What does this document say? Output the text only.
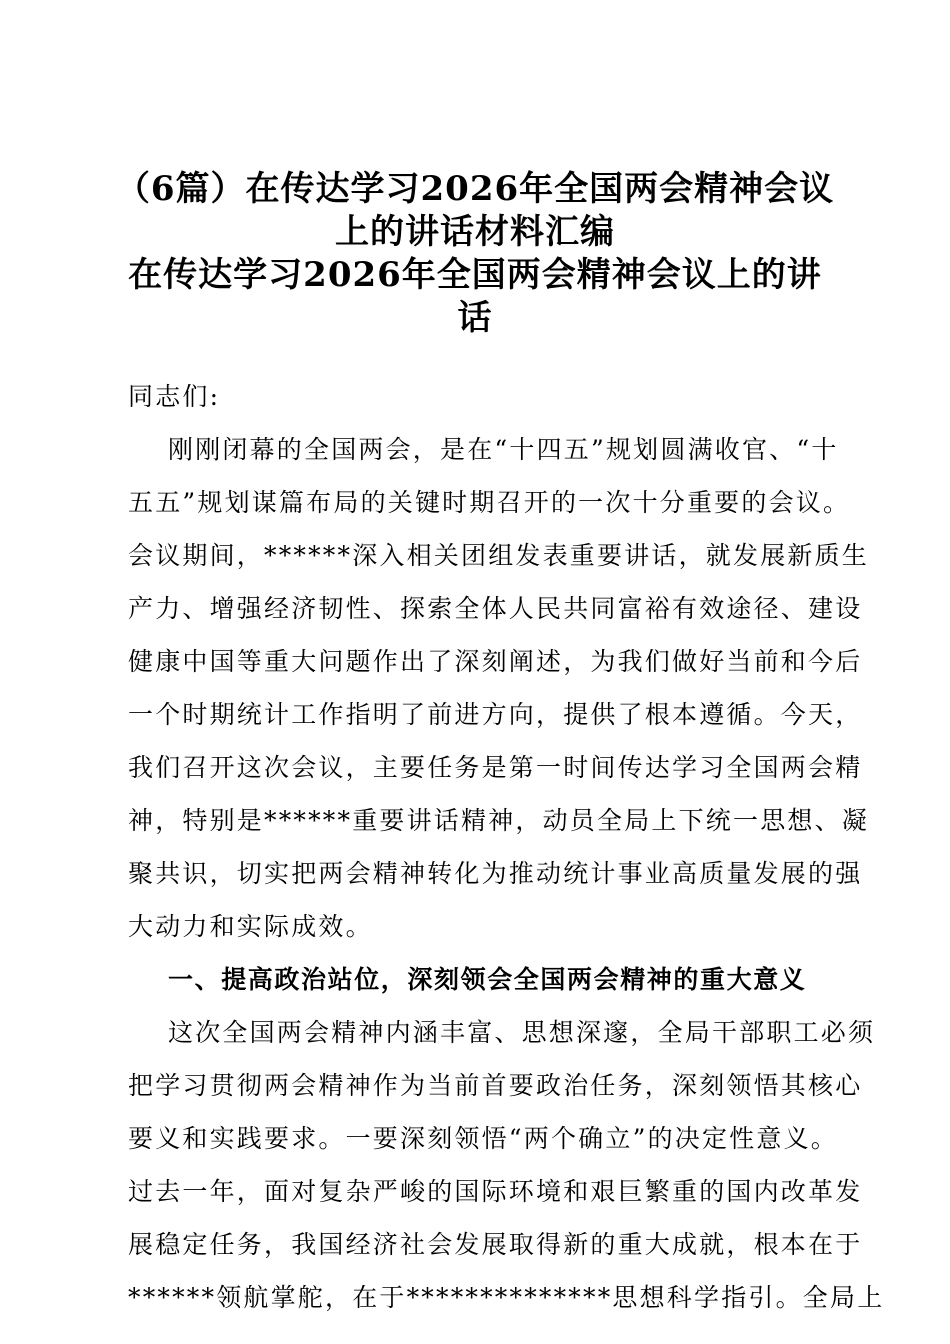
（6篇）在传达学习2026年全国两会精神会议
上的讲话材料汇编
在传达学习2026年全国两会精神会议上的讲
话
同志们:
刚刚闭幕的全国两会，是在“十四五”规划圆满收官、“十
五五”规划谋篇布局的关键时期召开的一次十分重要的会议。
会议期间，******深入相关团组发表重要讲话，就发展新质生
产力、增强经济韧性、探索全体人民共同富裕有效途径、建设
健康中国等重大问题作出了深刻阐述，为我们做好当前和今后
一个时期统计工作指明了前进方向，提供了根本遵循。今天，
我们召开这次会议，主要任务是第一时间传达学习全国两会精
神，特别是******重要讲话精神，动员全局上下统一思想、凝
聚共识，切实把两会精神转化为推动统计事业高质量发展的强
大动力和实际成效。
一、提高政治站位，深刻领会全国两会精神的重大意义
这次全国两会精神内涵丰富、思想深邃，全局干部职工必须
把学习贯彻两会精神作为当前首要政治任务，深刻领悟其核心
要义和实践要求。一要深刻领悟“两个确立”的决定性意义。
过去一年，面对复杂严峻的国际环境和艰巨繁重的国内改革发
展稳定任务，我国经济社会发展取得新的重大成就，根本在于
******领航掌舵，在于**************思想科学指引。全局上
